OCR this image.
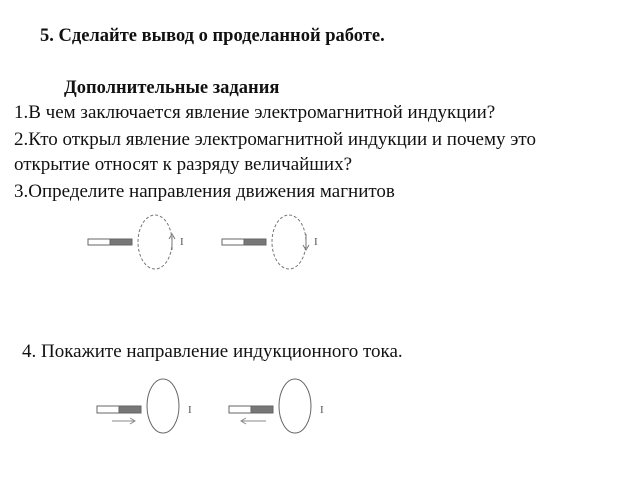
5. Сделайте вывод о проделанной работе.
Дополнительные задания
1.В чем заключается явление электромагнитной индукции?
2.Кто открыл явление электромагнитной индукции и почему это
открытие относят к разряду величайших?
3.Определите направления движения магнитов
I	I
4. Покажите направление индукционного тока.
I	I
